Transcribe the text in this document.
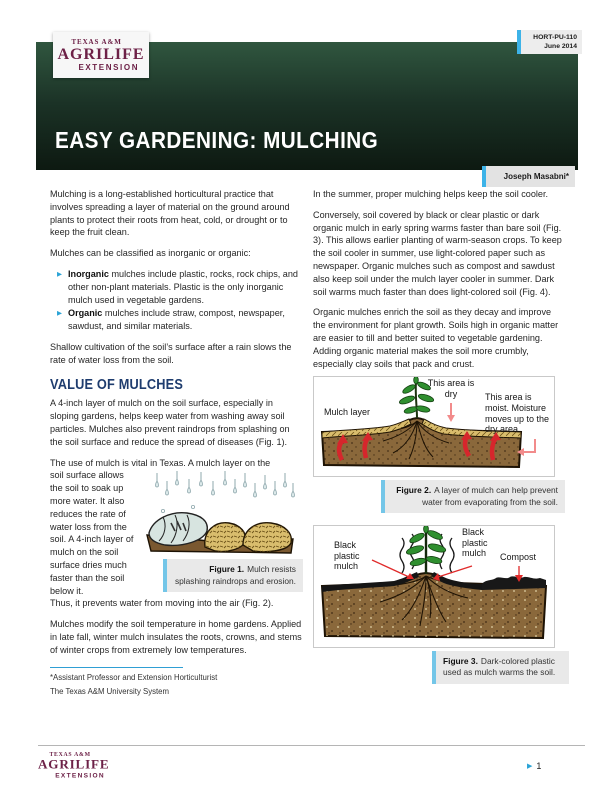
EASY GARDENING: MULCHING
TEXAS A&M
AGRILIFE
EXTENSION
HORT-PU-110
June 2014
Joseph Masabni*

Mulching is a long-established horticultural practice that involves spreading a layer of material on the ground around plants to protect their roots from heat, cold, or drought or to keep the fruit clean.

Mulches can be classified as inorganic or organic:

▶ Inorganic mulches include plastic, rocks, rock chips, and other non-plant materials. Plastic is the only inorganic mulch used in vegetable gardens.
▶ Organic mulches include straw, compost, newspaper, sawdust, and similar materials.

Shallow cultivation of the soil’s surface after a rain slows the rate of water loss from the soil.

VALUE OF MULCHES

A 4-inch layer of mulch on the soil surface, especially in sloping gardens, helps keep water from washing away soil particles. Mulches also prevent raindrops from splashing on the soil surface and reduce the spread of diseases (Fig. 1).

The use of mulch is vital in Texas. A mulch layer on the

Figure 1. Mulch resists splashing raindrops and erosion.

soil surface allows the soil to soak up more water. It also reduces the rate of water loss from the soil. A 4-inch layer of mulch on the soil surface dries much faster than the soil below it.

Thus, it prevents water from moving into the air (Fig. 2).

Mulches modify the soil temperature in home gardens. Applied in late fall, winter mulch insulates the roots, crowns, and stems of winter crops from extremely low temperatures.

*Assistant Professor and Extension Horticulturist
The Texas A&M University System

In the summer, proper mulching helps keep the soil cooler.

Conversely, soil covered by black or clear plastic or dark organic mulch in early spring warms faster than bare soil (Fig. 3). This allows earlier planting of warm-season crops. To keep the soil cooler in summer, use light-colored paper such as newspaper. Organic mulches such as compost and sawdust also keep soil under the mulch layer cooler in summer. Dark soil warms much faster than does light-colored soil (Fig. 4).

Organic mulches enrich the soil as they decay and improve the environment for plant growth. Soils high in organic matter are easier to till and better suited to vegetable gardening. Adding organic material makes the soil more crumbly, especially clay soils that pack and crust.

Mulch layer
This area is dry	This area is moist. Moisture moves up to the dry area.
Figure 2. A layer of mulch can help prevent water from evaporating from the soil.
Black plastic mulch
Black plastic mulch	Compost
Figure 3. Dark-colored plastic used as mulch warms the soil.
TEXAS A&M
AGRILIFE
EXTENSION
▶ 1
